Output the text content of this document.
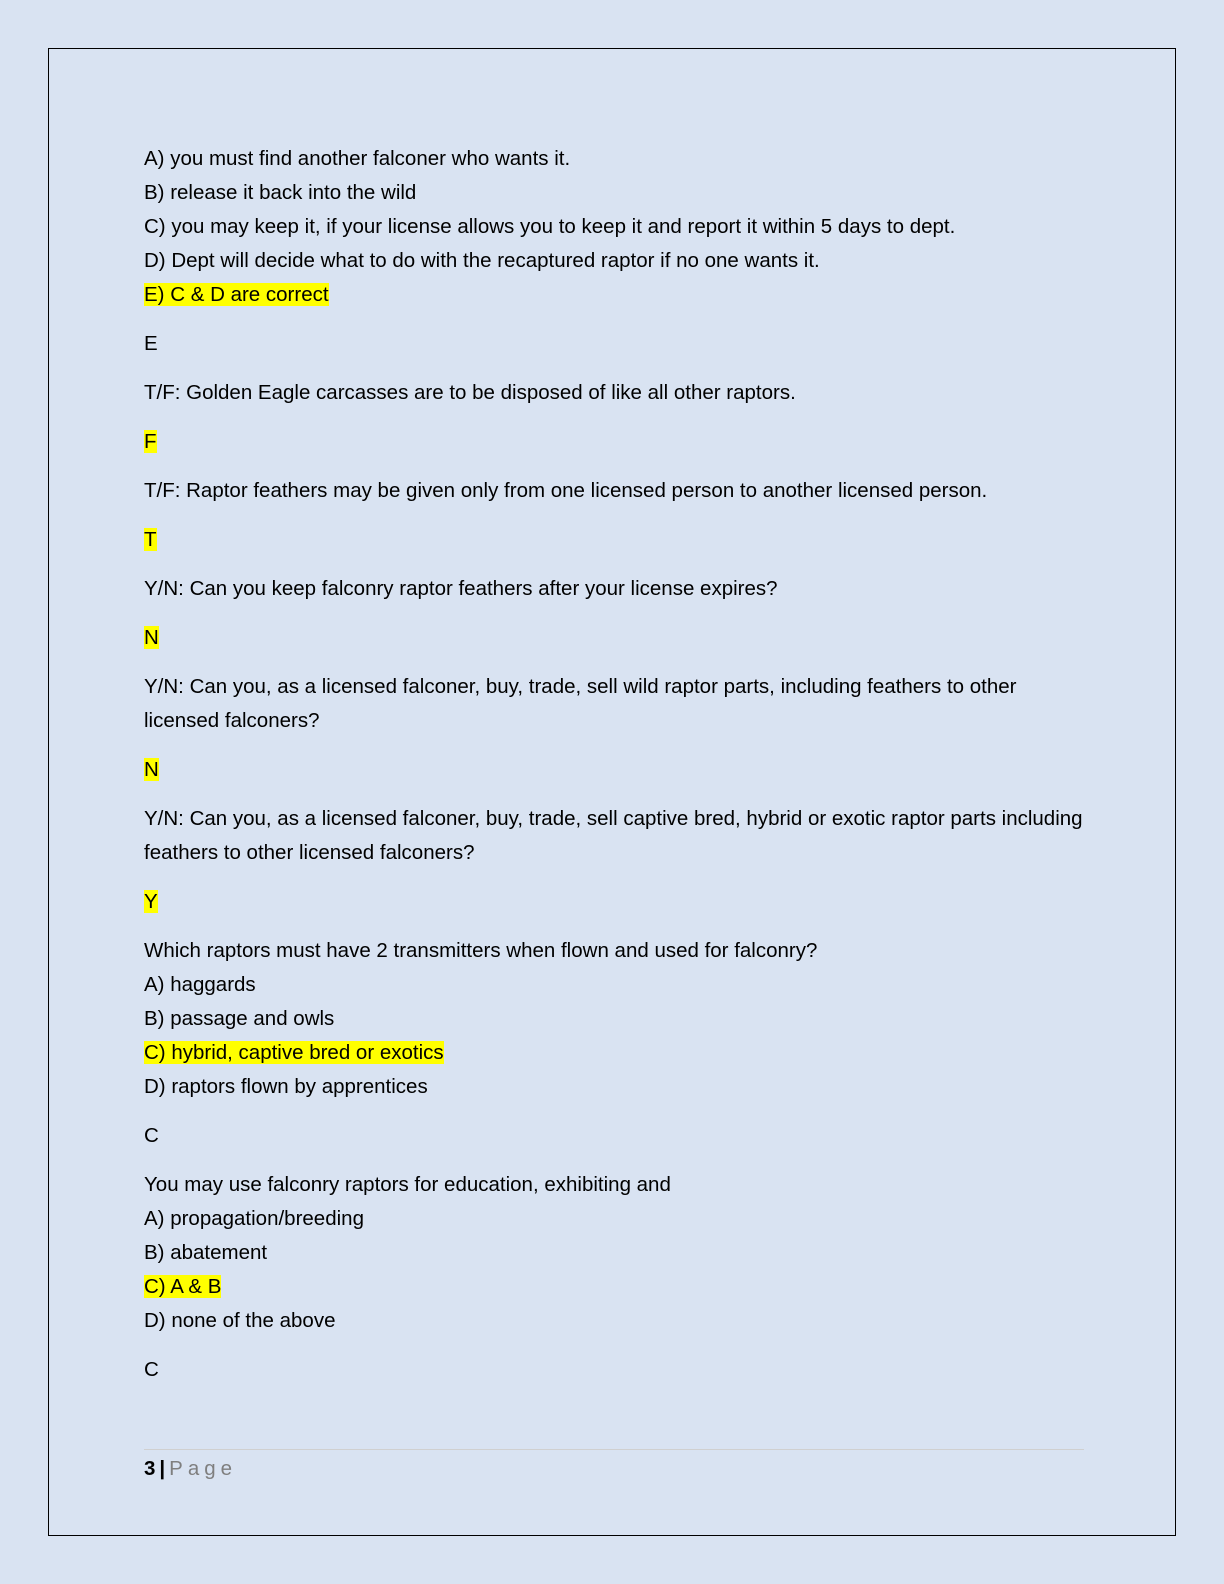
A) you must find another falconer who wants it.
B) release it back into the wild
C) you may keep it, if your license allows you to keep it and report it within 5 days to dept.
D) Dept will decide what to do with the recaptured raptor if no one wants it.
E) C & D are correct
E
T/F: Golden Eagle carcasses are to be disposed of like all other raptors.
F
T/F: Raptor feathers may be given only from one licensed person to another licensed person.
T
Y/N: Can you keep falconry raptor feathers after your license expires?
N
Y/N: Can you, as a licensed falconer, buy, trade, sell wild raptor parts, including feathers to other licensed falconers?
N
Y/N: Can you, as a licensed falconer, buy, trade, sell captive bred, hybrid or exotic raptor parts including feathers to other licensed falconers?
Y
Which raptors must have 2 transmitters when flown and used for falconry?
A) haggards
B) passage and owls
C) hybrid, captive bred or exotics
D) raptors flown by apprentices
C
You may use falconry raptors for education, exhibiting and
A) propagation/breeding
B) abatement
C) A & B
D) none of the above
C
3 | Page
